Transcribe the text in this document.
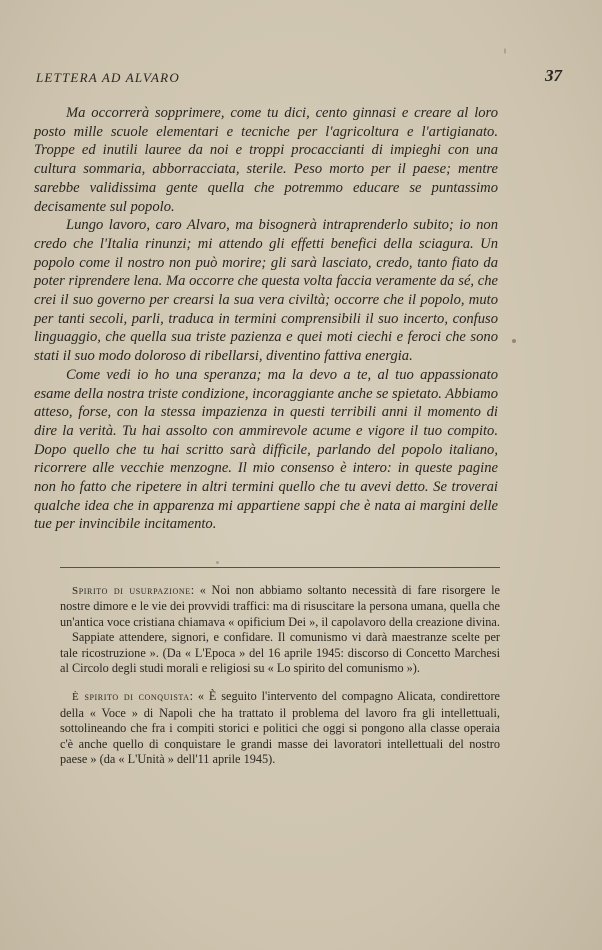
LETTERA AD ALVARO	37

Ma occorrerà sopprimere, come tu dici, cento ginnasi e creare al loro posto mille scuole elementari e tecniche per l'agricoltura e l'artigianato. Troppe ed inutili lauree da noi e troppi procaccianti di impieghi con una cultura sommaria, abborracciata, sterile. Peso morto per il paese; mentre sarebbe validissima gente quella che potremmo educare se puntassimo decisamente sul popolo.

Lungo lavoro, caro Alvaro, ma bisognerà intraprenderlo subito; io non credo che l'Italia rinunzi; mi attendo gli effetti benefici della sciagura. Un popolo come il nostro non può morire; gli sarà lasciato, credo, tanto fiato da poter riprendere lena. Ma occorre che questa volta faccia veramente da sé, che crei il suo governo per crearsi la sua vera civiltà; occorre che il popolo, muto per tanti secoli, parli, traduca in termini comprensibili il suo incerto, confuso linguaggio, che quella sua triste pazienza e quei moti ciechi e feroci che sono stati il suo modo doloroso di ribellarsi, diventino fattiva energia.

Come vedi io ho una speranza; ma la devo a te, al tuo appassionato esame della nostra triste condizione, incoraggiante anche se spietato. Abbiamo atteso, forse, con la stessa impazienza in questi terribili anni il momento di dire la verità. Tu hai assolto con ammirevole acume e vigore il tuo compito. Dopo quello che tu hai scritto sarà difficile, parlando del popolo italiano, ricorrere alle vecchie menzogne. Il mio consenso è intero: in queste pagine non ho fatto che ripetere in altri termini quello che tu avevi detto. Se troverai qualche idea che in apparenza mi appartiene sappi che è nata ai margini delle tue per invincibile incitamento.

Spirito di usurpazione: « Noi non abbiamo soltanto necessità di fare risorgere le nostre dimore e le vie dei provvidi traffici: ma di risuscitare la persona umana, quella che un'antica voce cristiana chiamava « opificium Dei », il capolavoro della creazione divina.

Sappiate attendere, signori, e confidare. Il comunismo vi darà maestranze scelte per tale ricostruzione ». (Da « L'Epoca » del 16 aprile 1945: discorso di Concetto Marchesi al Circolo degli studi morali e religiosi su « Lo spirito del comunismo »).

È spirito di conquista: « È seguito l'intervento del compagno Alicata, condirettore della « Voce » di Napoli che ha trattato il problema del lavoro fra gli intellettuali, sottolineando che fra i compiti storici e politici che oggi si pongono alla classe operaia c'è anche quello di conquistare le grandi masse dei lavoratori intellettuali del nostro paese » (da « L'Unità » dell'11 aprile 1945).
